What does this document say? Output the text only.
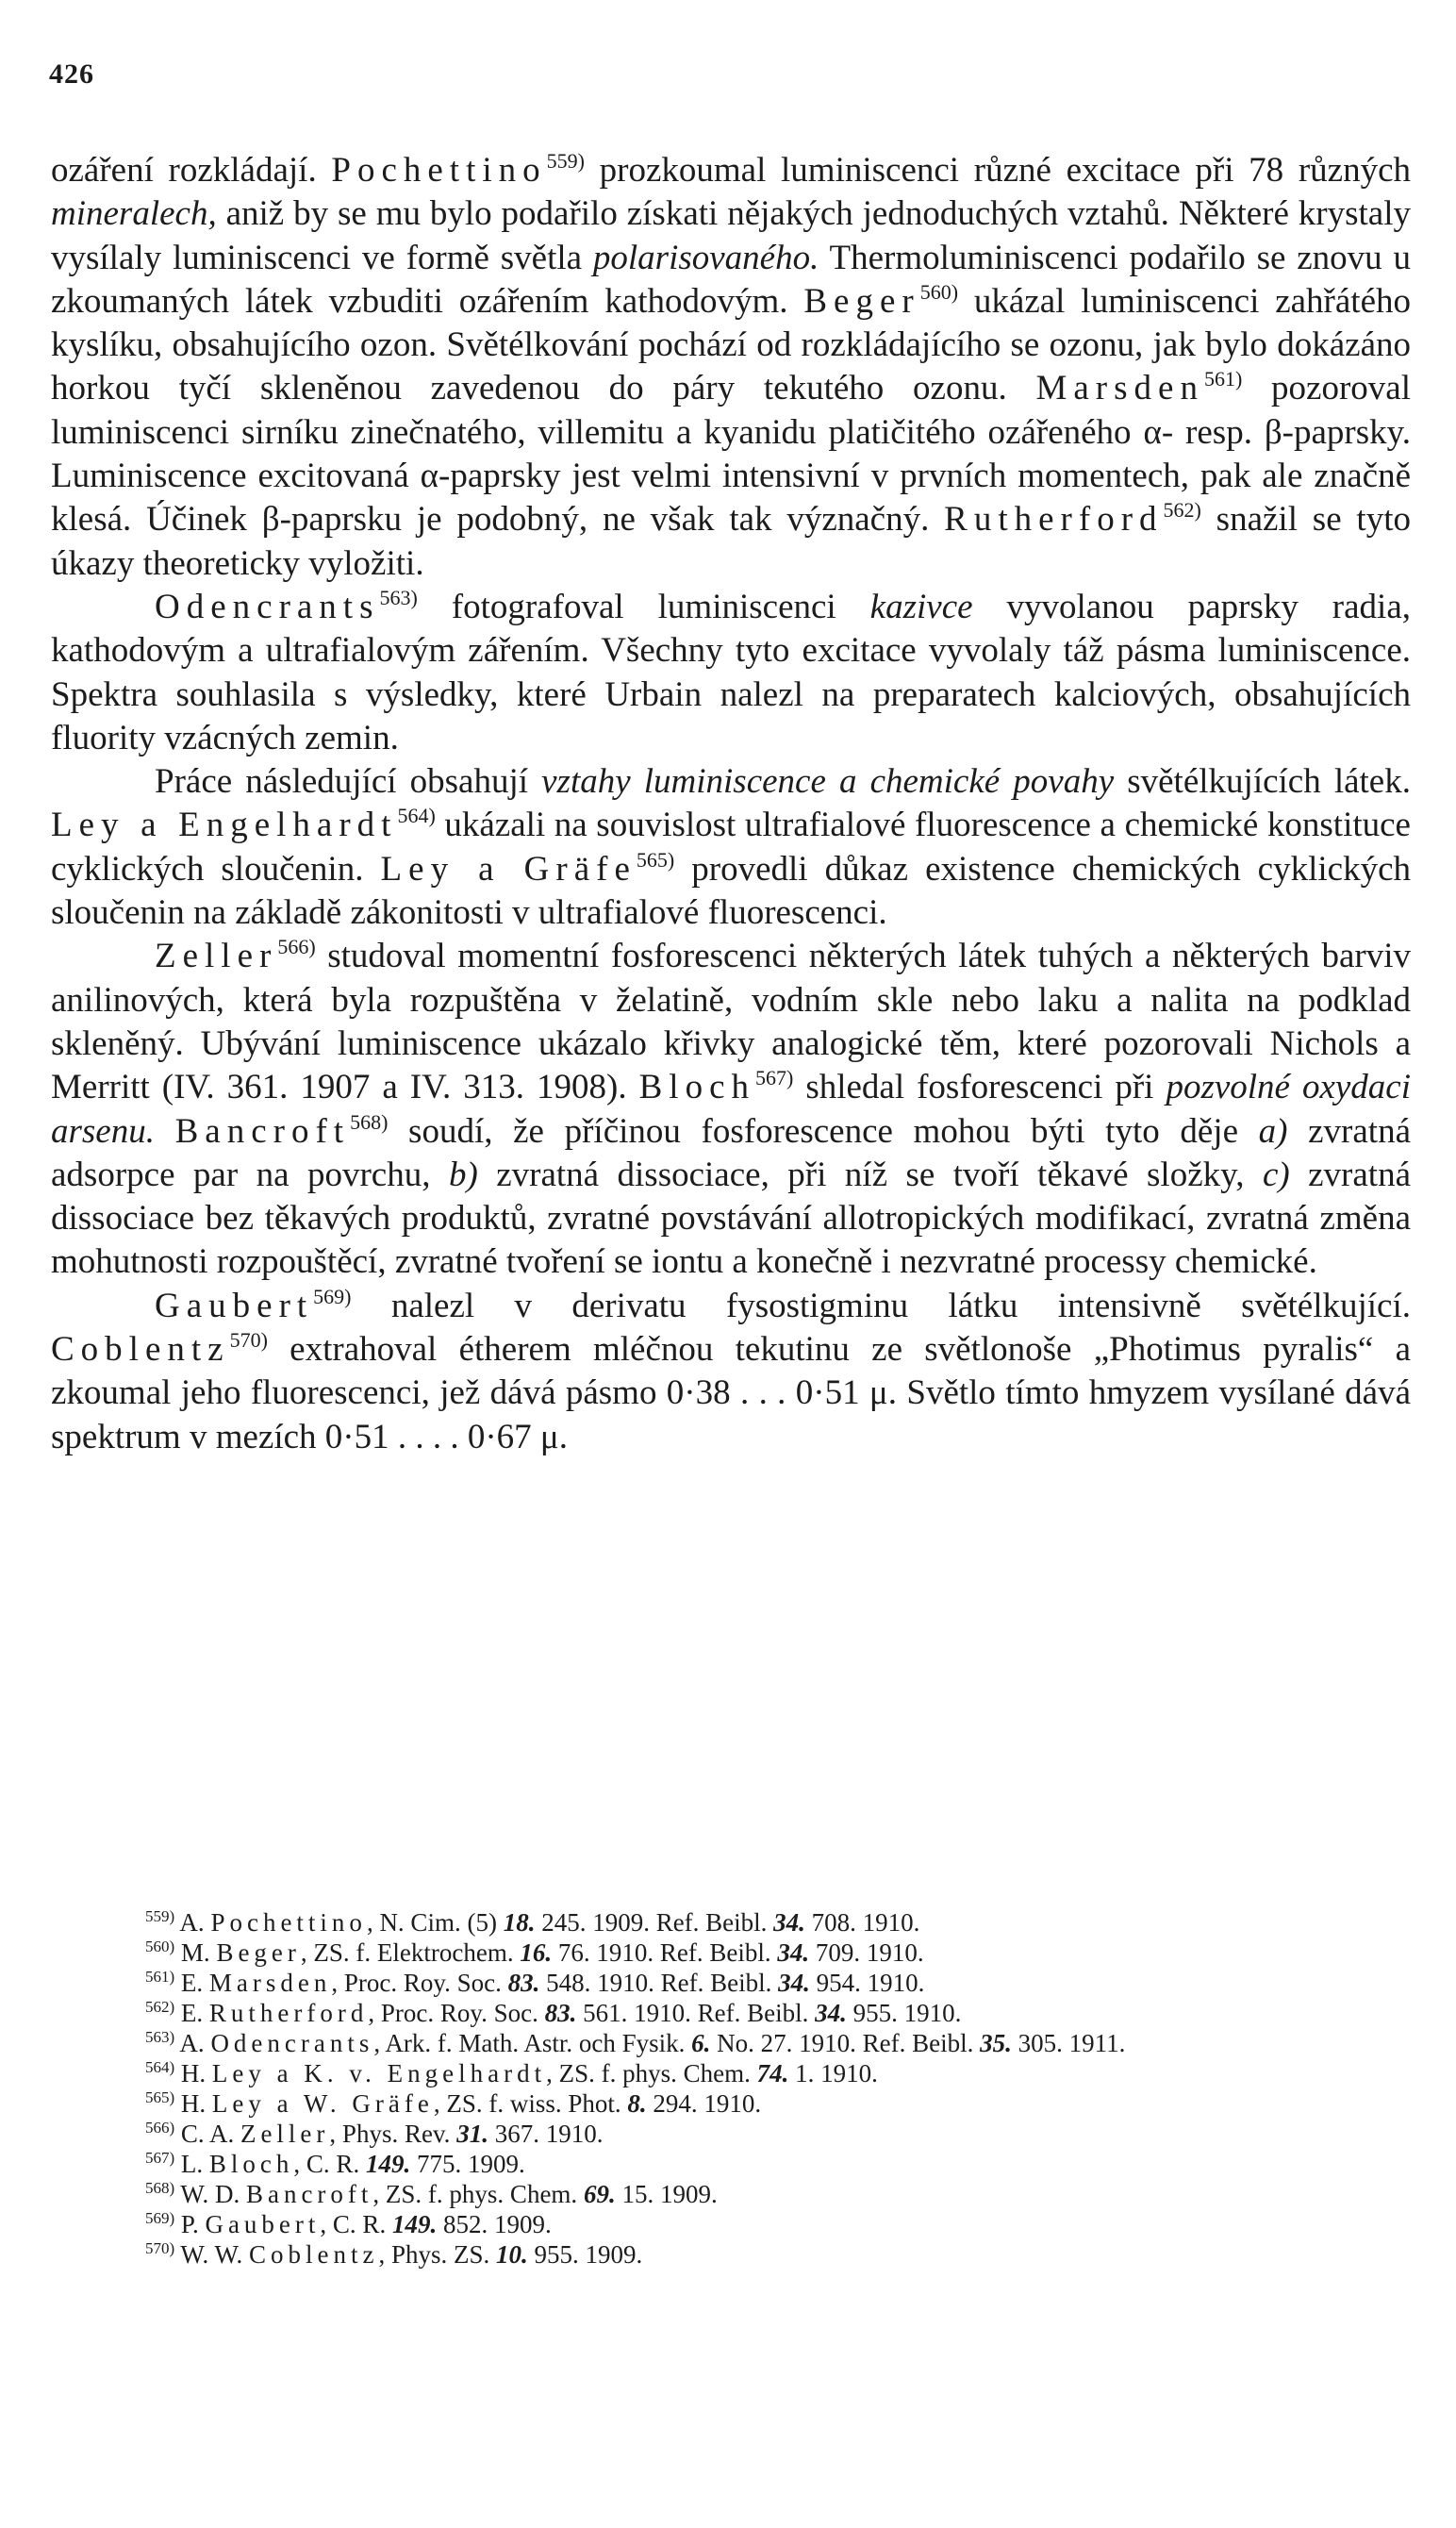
426

ozáření rozkládají. Pochettino$^{559)}$ prozkoumal luminiscenci různé excitace při 78 různých mineralech, aniž by se mu bylo podařilo získati nějakých jednoduchých vztahů. Některé krystaly vysílaly luminiscenci ve formě světla polarisovaného. Thermoluminiscenci podařilo se znovu u zkoumaných látek vzbuditi ozářením kathodovým. Beger$^{560)}$ ukázal luminiscenci zahřátého kyslíku, obsahujícího ozon. Světélkování pochází od rozkládajícího se ozonu, jak bylo dokázáno horkou tyčí skleněnou zavedenou do páry tekutého ozonu. Marsden$^{561)}$ pozoroval luminiscenci sirníku zinečnatého, villemitu a kyanidu platičitého ozářeného α- resp. β-paprsky. Luminiscence excitovaná α-paprsky jest velmi intensivní v prvních momentech, pak ale značně klesá. Účinek β-paprsku je podobný, ne však tak význačný. Rutherford$^{562)}$ snažil se tyto úkazy theoreticky vyložiti.

Odencrants$^{563)}$ fotografoval luminiscenci kazivce vyvolanou paprsky radia, kathodovým a ultrafialovým zářením. Všechny tyto excitace vyvolaly táž pásma luminiscence. Spektra souhlasila s výsledky, které Urbain nalezl na preparatech kalciových, obsahujících fluority vzácných zemin.

Práce následující obsahují vztahy luminiscence a chemické povahy světélkujících látek. Ley a Engelhardt$^{564)}$ ukázali na souvislost ultrafialové fluorescence a chemické konstituce cyklických sloučenin. Ley a Gräfe$^{565)}$ provedli důkaz existence chemických cyklických sloučenin na základě zákonitosti v ultrafialové fluorescenci.

Zeller$^{566)}$ studoval momentní fosforescenci některých látek tuhých a některých barviv anilinových, která byla rozpuštěna v želatině, vodním skle nebo laku a nalita na podklad skleněný. Ubývání luminiscence ukázalo křivky analogické těm, které pozorovali Nichols a Merritt (IV. 361. 1907 a IV. 313. 1908). Bloch$^{567)}$ shledal fosforescenci při pozvolné oxydaci arsenu. Bancroft$^{568)}$ soudí, že příčinou fosforescence mohou býti tyto děje a) zvratná adsorpce par na povrchu, b) zvratná dissociace, při níž se tvoří těkavé složky, c) zvratná dissociace bez těkavých produktů, zvratné povstávání allotropických modifikací, zvratná změna mohutnosti rozpouštěcí, zvratné tvoření se iontu a konečně i nezvratné processy chemické.

Gaubert$^{569)}$ nalezl v derivatu fysostigminu látku intensivně světélkující. Coblentz$^{570)}$ extrahoval étherem mléčnou tekutinu ze světlonoše „Photimus pyralis“ a zkoumal jeho fluorescenci, jež dává pásmo 0·38 . . . 0·51 μ. Světlo tímto hmyzem vysílané dává spektrum v mezích 0·51 . . . . 0·67 μ.

$^{559)}$ A. Pochettino, N. Cim. (5) 18. 245. 1909. Ref. Beibl. 34. 708. 1910.

$^{560)}$ M. Beger, ZS. f. Elektrochem. 16. 76. 1910. Ref. Beibl. 34. 709. 1910.

$^{561)}$ E. Marsden, Proc. Roy. Soc. 83. 548. 1910. Ref. Beibl. 34. 954. 1910.

$^{562)}$ E. Rutherford, Proc. Roy. Soc. 83. 561. 1910. Ref. Beibl. 34. 955. 1910.

$^{563)}$ A. Odencrants, Ark. f. Math. Astr. och Fysik. 6. No. 27. 1910. Ref. Beibl. 35. 305. 1911.

$^{564)}$ H. Ley a K. v. Engelhardt, ZS. f. phys. Chem. 74. 1. 1910.

$^{565)}$ H. Ley a W. Gräfe, ZS. f. wiss. Phot. 8. 294. 1910.

$^{566)}$ C. A. Zeller, Phys. Rev. 31. 367. 1910.

$^{567)}$ L. Bloch, C. R. 149. 775. 1909.

$^{568)}$ W. D. Bancroft, ZS. f. phys. Chem. 69. 15. 1909.

$^{569)}$ P. Gaubert, C. R. 149. 852. 1909.

$^{570)}$ W. W. Coblentz, Phys. ZS. 10. 955. 1909.
